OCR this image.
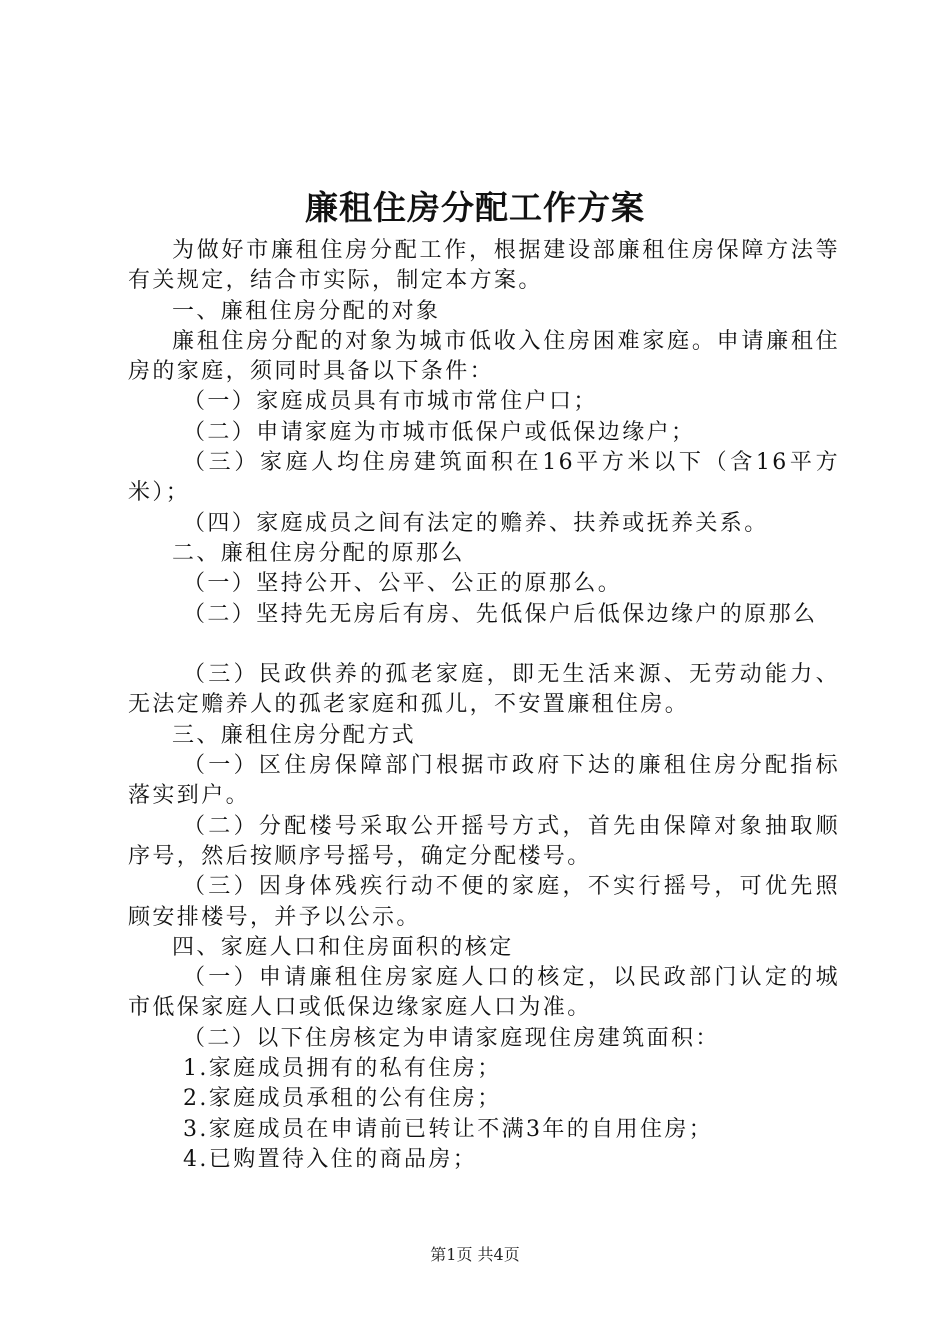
廉租住房分配工作方案

为做好市廉租住房分配工作，根据建设部廉租住房保障方法等有关规定，结合市实际，制定本方案。

一、廉租住房分配的对象

廉租住房分配的对象为城市低收入住房困难家庭。申请廉租住房的家庭，须同时具备以下条件：

（一）家庭成员具有市城市常住户口；

（二）申请家庭为市城市低保户或低保边缘户；

（三）家庭人均住房建筑面积在16平方米以下（含16平方米）；

（四）家庭成员之间有法定的赡养、扶养或抚养关系。

二、廉租住房分配的原那么

（一）坚持公开、公平、公正的原那么。

（二）坚持先无房后有房、先低保户后低保边缘户的原那么

（三）民政供养的孤老家庭，即无生活来源、无劳动能力、无法定赡养人的孤老家庭和孤儿，不安置廉租住房。

三、廉租住房分配方式

（一）区住房保障部门根据市政府下达的廉租住房分配指标落实到户。

（二）分配楼号采取公开摇号方式，首先由保障对象抽取顺序号，然后按顺序号摇号，确定分配楼号。

（三）因身体残疾行动不便的家庭，不实行摇号，可优先照顾安排楼号，并予以公示。

四、家庭人口和住房面积的核定

（一）申请廉租住房家庭人口的核定，以民政部门认定的城市低保家庭人口或低保边缘家庭人口为准。

（二）以下住房核定为申请家庭现住房建筑面积：

1.家庭成员拥有的私有住房；

2.家庭成员承租的公有住房；

3.家庭成员在申请前已转让不满3年的自用住房；

4.已购置待入住的商品房；

第1页 共4页
